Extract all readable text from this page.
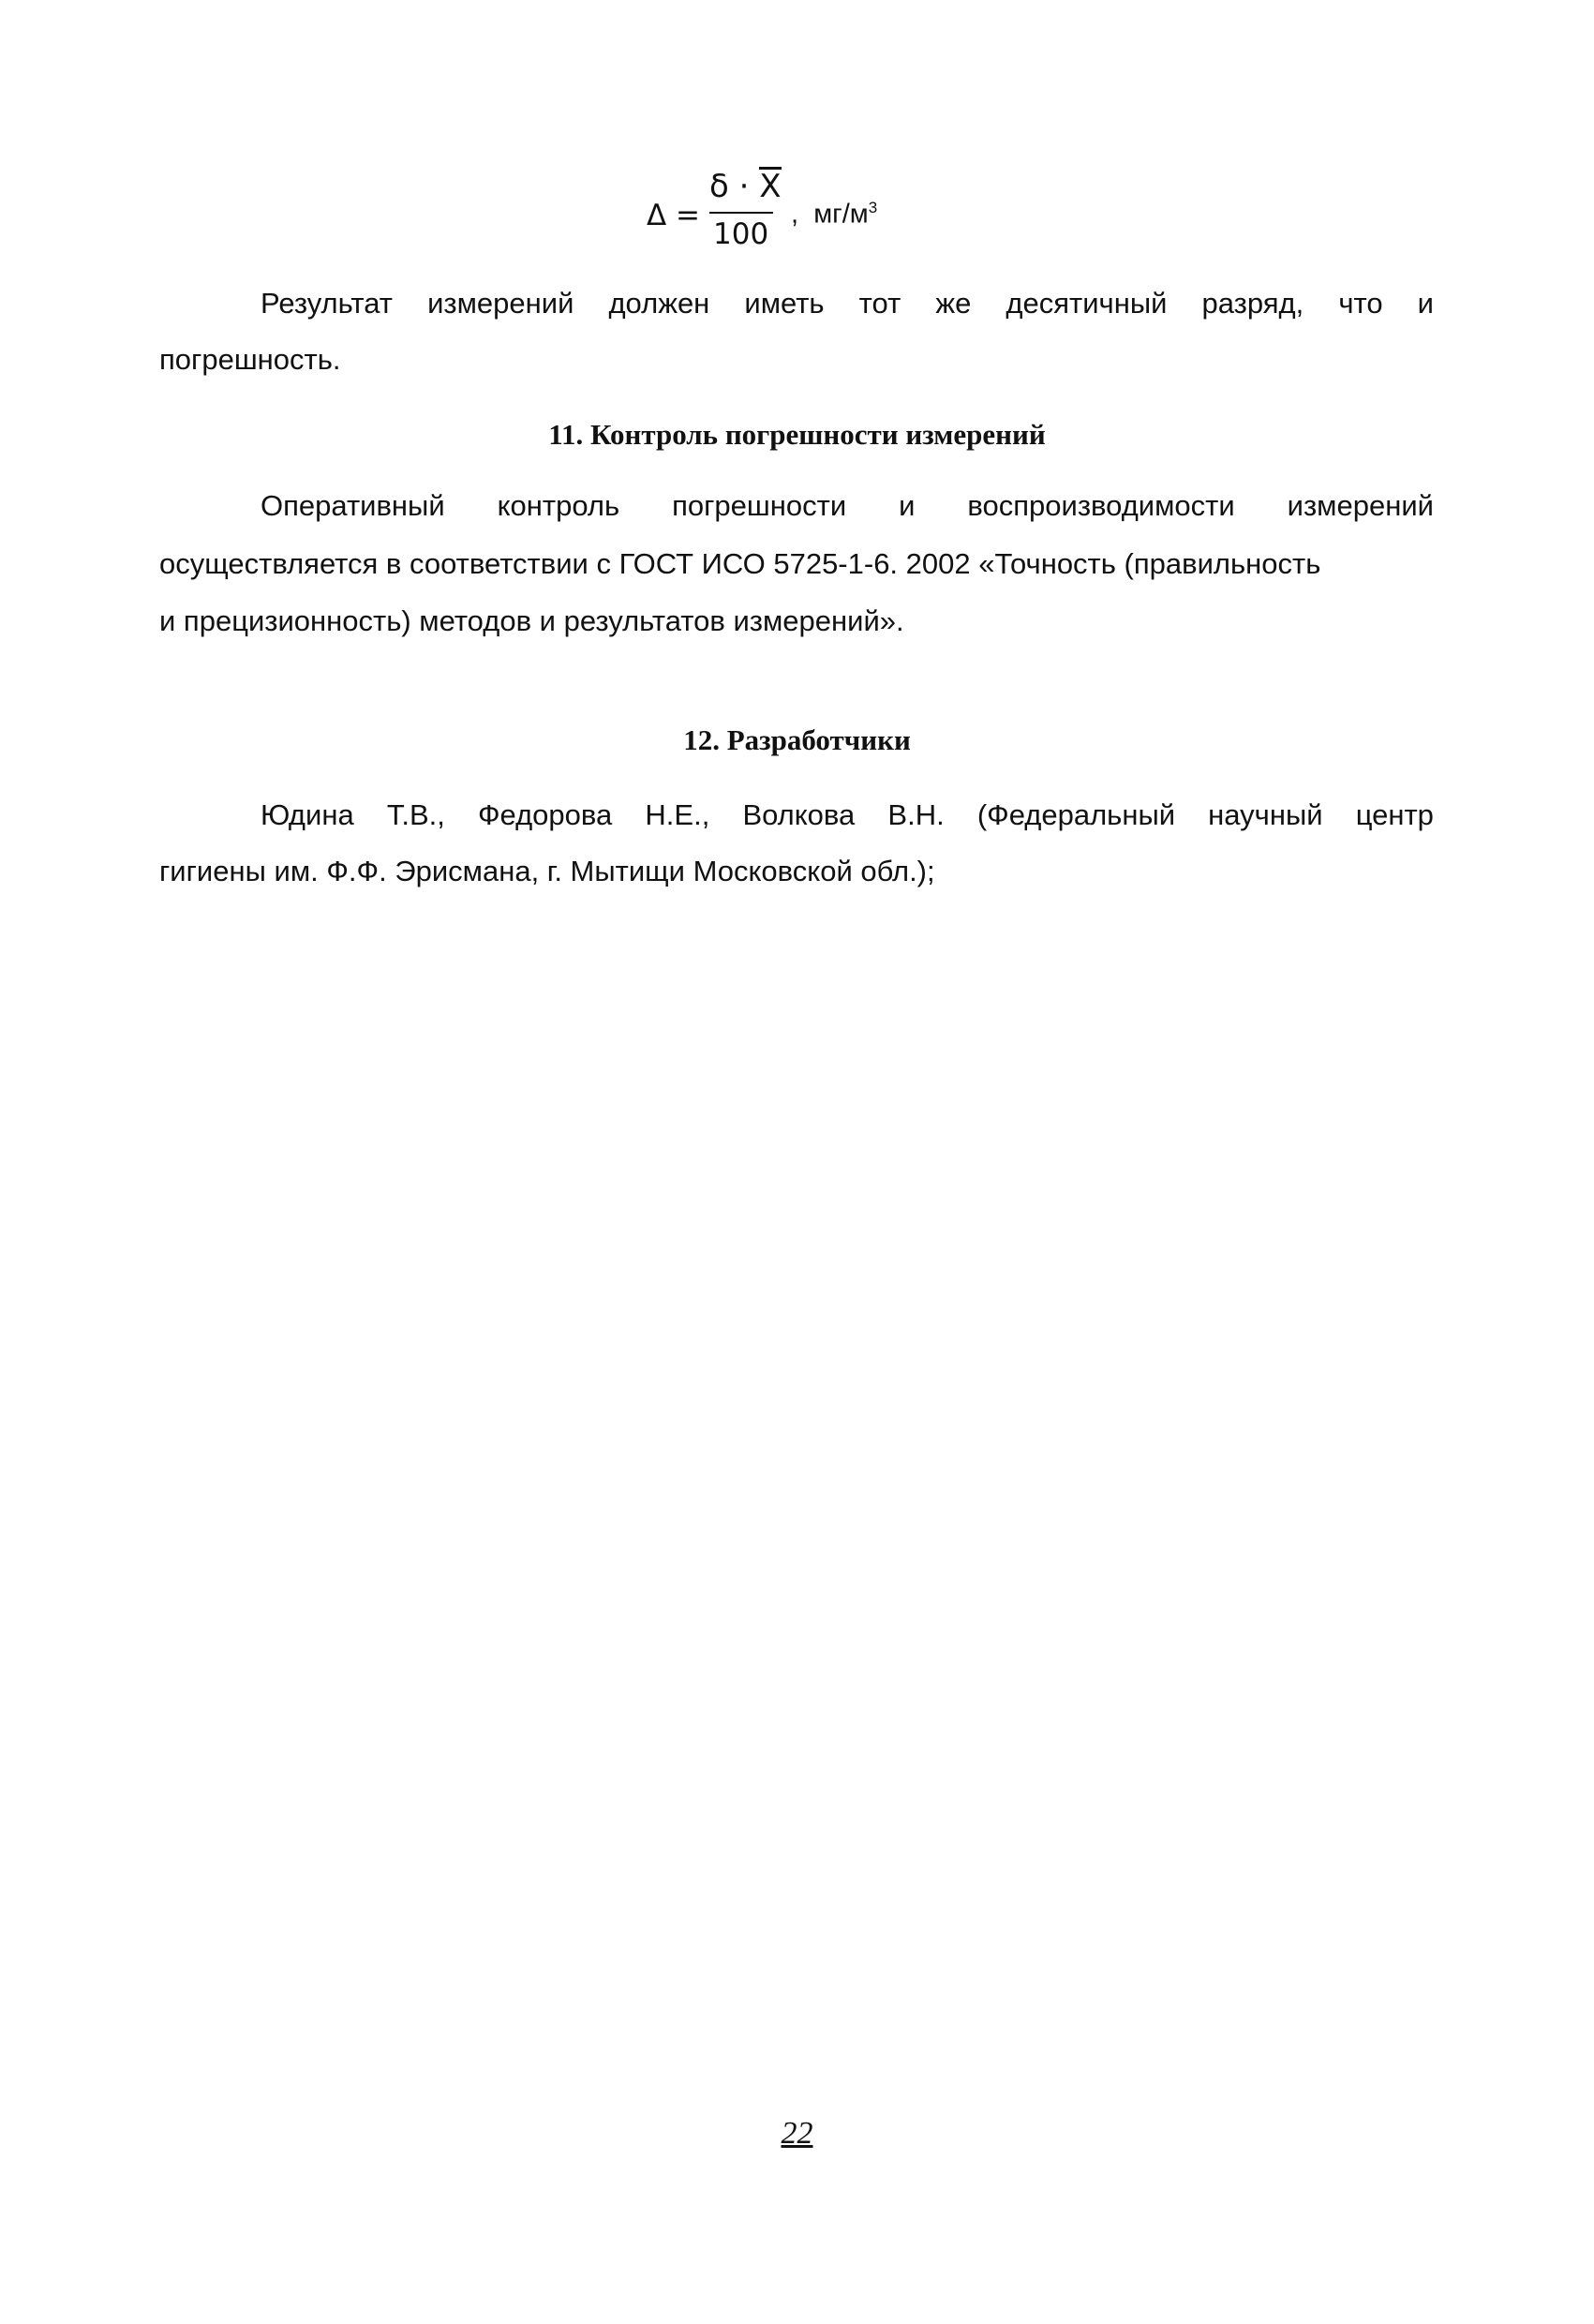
Δ =
δ · X
100
, $мг/м^3$
Результат измерений должен иметь тот же десятичный разряд, что и
погрешность.
11. Контроль погрешности измерений
Оперативный контроль погрешности и воспроизводимости измерений
осуществляется в соответствии с ГОСТ ИСО 5725-1-6. 2002 «Точность (правильность
и прецизионность) методов и результатов измерений».
12. Разработчики
Юдина Т.В., Федорова Н.Е., Волкова В.Н. (Федеральный научный центр
гигиены им. Ф.Ф. Эрисмана, г. Мытищи Московской обл.);
22
